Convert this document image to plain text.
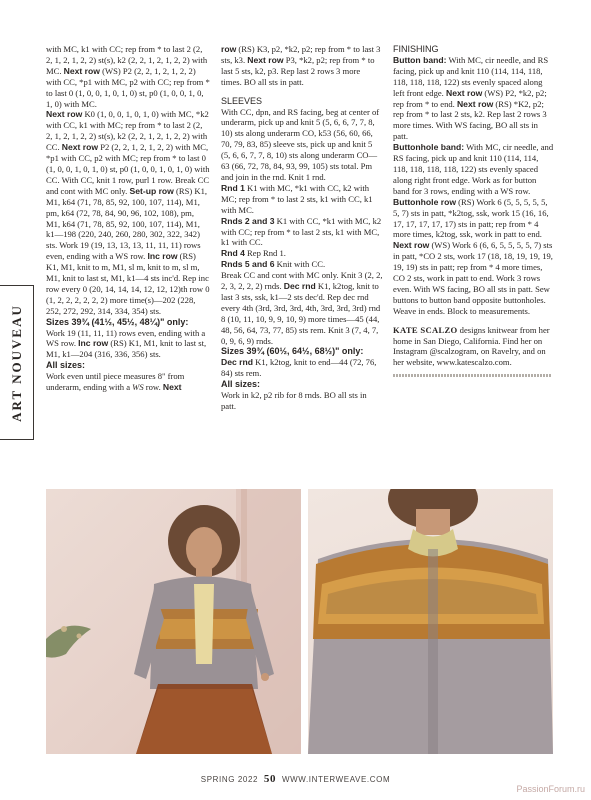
ART NOUVEAU

with MC, k1 with CC; rep from * to last 2 (2, 2, 1, 2, 1, 2, 2) st(s), k2 (2, 2, 1, 2, 1, 2, 2) with MC. Next row (WS) P2 (2, 2, 1, 2, 1, 2, 2) with CC, *p1 with MC, p2 with CC; rep from * to last 0 (1, 0, 0, 1, 0, 1, 0) st, p0 (1, 0, 0, 1, 0, 1, 0) with MC.

Next row K0 (1, 0, 0, 1, 0, 1, 0) with MC, *k2 with CC, k1 with MC; rep from * to last 2 (2, 2, 1, 2, 1, 2, 2) st(s), k2 (2, 2, 1, 2, 1, 2, 2) with CC. Next row P2 (2, 2, 1, 2, 1, 2, 2) with MC, *p1 with CC, p2 with MC; rep from * to last 0 (1, 0, 0, 1, 0, 1, 0) st, p0 (1, 0, 0, 1, 0, 1, 0) with CC. With CC, knit 1 row, purl 1 row. Break CC and cont with MC only. Set-up row (RS) K1, M1, k64 (71, 78, 85, 92, 100, 107, 114), M1, pm, k64 (72, 78, 84, 90, 96, 102, 108), pm, M1, k64 (71, 78, 85, 92, 100, 107, 114), M1, k1—198 (220, 240, 260, 280, 302, 322, 342) sts. Work 19 (19, 13, 13, 13, 11, 11, 11) rows even, ending with a WS row. Inc row (RS) K1, M1, knit to m, M1, sl m, knit to m, sl m, M1, knit to last st, M1, k1—4 sts inc'd. Rep inc row every 0 (20, 14, 14, 14, 12, 12, 12)th row 0 (1, 2, 2, 2, 2, 2, 2) more time(s)—202 (228, 252, 272, 292, 314, 334, 354) sts.

Sizes 39¾ (41½, 45½, 48¼)" only:

Work 19 (11, 11, 11) rows even, ending with a WS row. Inc row (RS) K1, M1, knit to last st, M1, k1—204 (316, 336, 356) sts.

All sizes:

Work even until piece measures 8" from underarm, ending with a WS row. Next

row (RS) K3, p2, *k2, p2; rep from * to last 3 sts, k3. Next row P3, *k2, p2; rep from * to last 5 sts, k2, p3. Rep last 2 rows 3 more times. BO all sts in patt.

SLEEVES

With CC, dpn, and RS facing, beg at center of underarm, pick up and knit 5 (5, 6, 6, 7, 7, 8, 10) sts along underarm CO, k53 (56, 60, 66, 70, 79, 83, 85) sleeve sts, pick up and knit 5 (5, 6, 6, 7, 7, 8, 10) sts along underarm CO—63 (66, 72, 78, 84, 93, 99, 105) sts total. Pm and join in the rnd. Knit 1 rnd.

Rnd 1 K1 with MC, *k1 with CC, k2 with MC; rep from * to last 2 sts, k1 with CC, k1 with MC.

Rnds 2 and 3 K1 with CC, *k1 with MC, k2 with CC; rep from * to last 2 sts, k1 with MC, k1 with CC.

Rnd 4 Rep Rnd 1.

Rnds 5 and 6 Knit with CC.

Break CC and cont with MC only. Knit 3 (2, 2, 2, 3, 2, 2, 2) rnds. Dec rnd K1, k2tog, knit to last 3 sts, ssk, k1—2 sts dec'd. Rep dec rnd every 4th (3rd, 3rd, 3rd, 4th, 3rd, 3rd, 3rd) rnd 8 (10, 11, 10, 9, 9, 10, 9) more times—45 (44, 48, 56, 64, 73, 77, 85) sts rem. Knit 3 (7, 4, 7, 0, 9, 6, 9) rnds.

Sizes 39¾ (60½, 64½, 68½)" only:

Dec rnd K1, k2tog, knit to end—44 (72, 76, 84) sts rem.

All sizes:

Work in k2, p2 rib for 8 rnds. BO all sts in patt.

FINISHING

Button band: With MC, cir needle, and RS facing, pick up and knit 110 (114, 114, 118, 118, 118, 118, 122) sts evenly spaced along left front edge. Next row (WS) P2, *k2, p2; rep from * to end. Next row (RS) *K2, p2; rep from * to last 2 sts, k2. Rep last 2 rows 3 more times. With WS facing, BO all sts in patt.

Buttonhole band: With MC, cir needle, and RS facing, pick up and knit 110 (114, 114, 118, 118, 118, 118, 122) sts evenly spaced along right front edge. Work as for button band for 3 rows, ending with a WS row. Buttonhole row (RS) Work 6 (5, 5, 5, 5, 5, 5, 7) sts in patt, *k2tog, ssk, work 15 (16, 16, 17, 17, 17, 17, 17) sts in patt; rep from * 4 more times, k2tog, ssk, work in patt to end. Next row (WS) Work 6 (6, 6, 5, 5, 5, 5, 7) sts in patt, *CO 2 sts, work 17 (18, 18, 19, 19, 19, 19, 19) sts in patt; rep from * 4 more times, CO 2 sts, work in patt to end. Work 3 rows even. With WS facing, BO all sts in patt. Sew buttons to button band opposite buttonholes. Weave in ends. Block to measurements.

KATE SCALZO designs knitwear from her home in San Diego, California. Find her on Instagram @scalzogram, on Ravelry, and on her website, www.katescalzo.com.

SPRING 2022 50 WWW.INTERWEAVE.COM
PassionForum.ru
